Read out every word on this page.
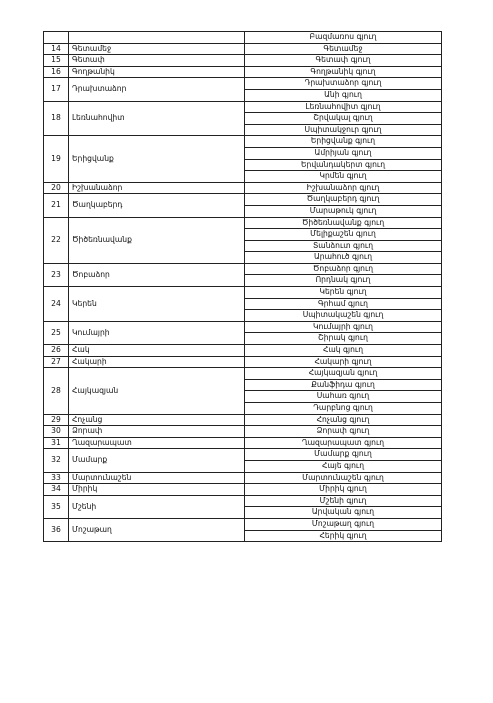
		Բազմառոս գյուղ
14	Գետամեջ	Գետամեջ
15	Գետափ	Գետափ գյուղ
16	Գողթանիկ	Գողթանիկ գյուղ
17	Դրախտաձոր	Դրախտաձոր գյուղ
		Անի գյուղ
18	Լեռնահովիտ	Լեռնահովիտ գյուղ
		Շրվակալ գյուղ
		Սպիտակջուր գյուղ
19	Երիցվանք	Երիցվանք գյուղ
		Ամրիյան գյուղ
		Երվանդակերտ գյուղ
		Կրմեն գյուղ
20	Իշխանաձոր	Իշխանաձոր գյուղ
21	Ծաղկաբերդ	Ծաղկաբերդ գյուղ
		Մարաթուկ գյուղ
22	Ծիծեռնավանք	Ծիծեռնավանք գյուղ
		Մելիքաշեն գյուղ
		Տանձուտ գյուղ
		Արահուծ գյուղ
23	Ծոբաձոր	Ծոբաձոր գյուղ
		Որդնակ գյուղ
24	Կերեն	Կերեն գյուղ
		Գրհամ գյուղ
		Սպիտակաշեն գյուղ
25	Կումայրի	Կումայրի գյուղ
		Շիրակ գյուղ
26	Հակ	Հակ գյուղ
27	Հակարի	Հակարի գյուղ
28	Հայկազյան	Հայկազյան գյուղ
		Քանֆիդա գյուղ
		Սահառ գյուղ
		Դարբնոց գյուղ
29	Հոչանց	Հոչանց գյուղ
30	Ձորափ	Ձորափ գյուղ
31	Ղազարապատ	Ղազարապատ գյուղ
32	Մամարք	Մամարք գյուղ
		Հայե գյուղ
33	Մարտունաշեն	Մարտունաշեն գյուղ
34	Միրիկ	Միրիկ գյուղ
35	Մշենի	Մշենի գյուղ
		Արվական գյուղ
36	Մոշաթաղ	Մոշաթաղ գյուղ
		Հերիկ գյուղ
